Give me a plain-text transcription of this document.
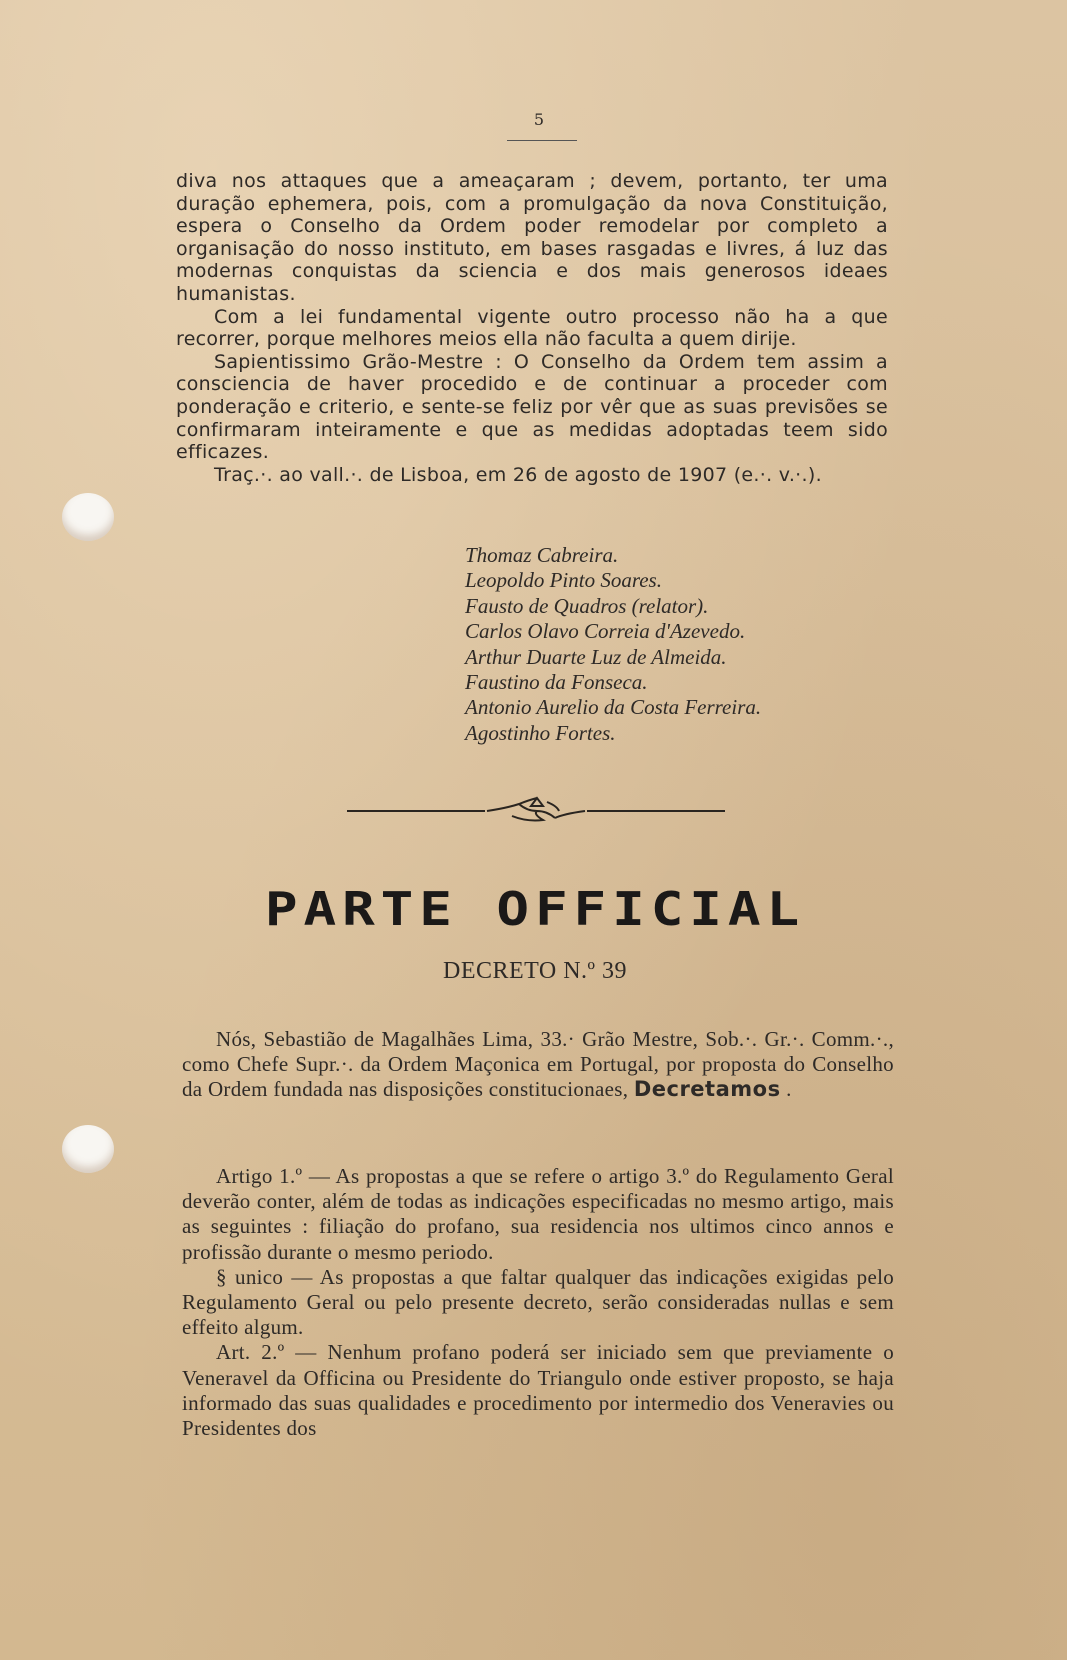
5

diva nos attaques que a ameaçaram ; devem, portanto, ter uma duração ephemera, pois, com a promulgação da nova Constituição, espera o Conselho da Ordem poder remodelar por completo a organisação do nosso instituto, em bases rasgadas e livres, á luz das modernas conquistas da sciencia e dos mais generosos ideaes humanistas.

Com a lei fundamental vigente outro processo não ha a que recorrer, porque melhores meios ella não faculta a quem dirije.

Sapientissimo Grão-Mestre : O Conselho da Ordem tem assim a consciencia de haver procedido e de continuar a proceder com ponderação e criterio, e sente-se feliz por vêr que as suas previsões se confirmaram inteiramente e que as medidas adoptadas teem sido efficazes.

Traç.·. ao vall.·. de Lisboa, em 26 de agosto de 1907 (e.·. v.·.).

Thomaz Cabreira.
Leopoldo Pinto Soares.
Fausto de Quadros (relator).
Carlos Olavo Correia d'Azevedo.
Arthur Duarte Luz de Almeida.
Faustino da Fonseca.
Antonio Aurelio da Costa Ferreira.
Agostinho Fortes.
PARTE OFFICIAL
DECRETO N.º 39

Nós, Sebastião de Magalhães Lima, 33.· Grão Mestre, Sob.·. Gr.·. Comm.·., como Chefe Supr.·. da Ordem Maçonica em Portugal, por proposta do Conselho da Ordem fundada nas disposições constitucionaes, Decretamos .

Artigo 1.º — As propostas a que se refere o artigo 3.º do Regulamento Geral deverão conter, além de todas as indicações especificadas no mesmo artigo, mais as seguintes : filiação do profano, sua residencia nos ultimos cinco annos e profissão durante o mesmo periodo.

§ unico — As propostas a que faltar qualquer das indicações exigidas pelo Regulamento Geral ou pelo presente decreto, serão consideradas nullas e sem effeito algum.

Art. 2.º — Nenhum profano poderá ser iniciado sem que previamente o Veneravel da Officina ou Presidente do Triangulo onde estiver proposto, se haja informado das suas qualidades e procedimento por intermedio dos Veneravies ou Presidentes dos
